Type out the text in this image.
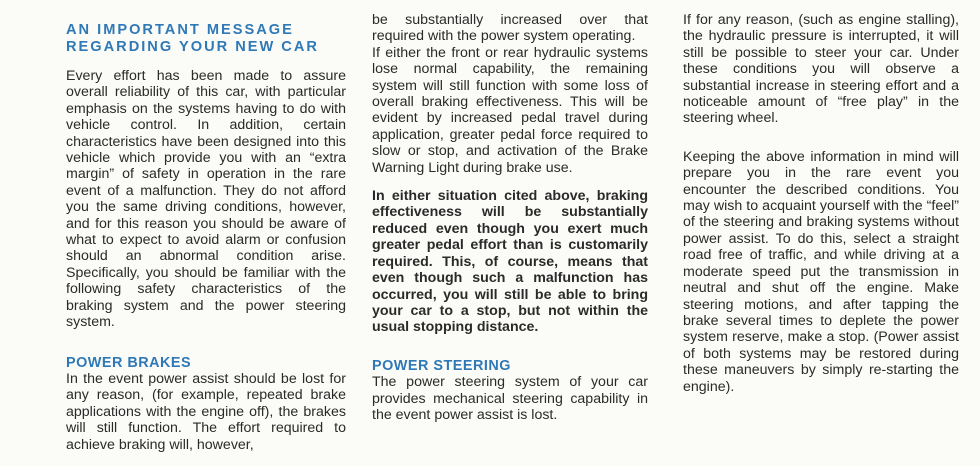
AN IMPORTANT MESSAGE REGARDING YOUR NEW CAR

Every effort has been made to assure overall reliability of this car, with particular emphasis on the systems having to do with vehicle control. In addition, certain characteristics have been designed into this vehicle which provide you with an “extra margin” of safety in operation in the rare event of a malfunction. They do not afford you the same driving conditions, however, and for this reason you should be aware of what to expect to avoid alarm or confusion should an abnormal condition arise. Specifically, you should be familiar with the following safety characteristics of the braking system and the power steering system.

POWER BRAKES

In the event power assist should be lost for any reason, (for example, repeated brake applications with the engine off), the brakes will still function. The effort required to achieve braking will, however,

be substantially increased over that required with the power system operating.

If either the front or rear hydraulic systems lose normal capability, the remaining system will still function with some loss of overall braking effectiveness. This will be evident by increased pedal travel during application, greater pedal force required to slow or stop, and activation of the Brake Warning Light during brake use.

In either situation cited above, braking effectiveness will be substantially reduced even though you exert much greater pedal effort than is customarily required. This, of course, means that even though such a malfunction has occurred, you will still be able to bring your car to a stop, but not within the usual stopping distance.

POWER STEERING

The power steering system of your car provides mechanical steering capability in the event power assist is lost.

If for any reason, (such as engine stalling), the hydraulic pressure is interrupted, it will still be possible to steer your car. Under these conditions you will observe a substantial increase in steering effort and a noticeable amount of “free play” in the steering wheel.

Keeping the above information in mind will prepare you in the rare event you encounter the described conditions. You may wish to acquaint yourself with the “feel” of the steering and braking systems without power assist. To do this, select a straight road free of traffic, and while driving at a moderate speed put the transmission in neutral and shut off the engine. Make steering motions, and after tapping the brake several times to deplete the power system reserve, make a stop. (Power assist of both systems may be restored during these maneuvers by simply re-starting the engine).
